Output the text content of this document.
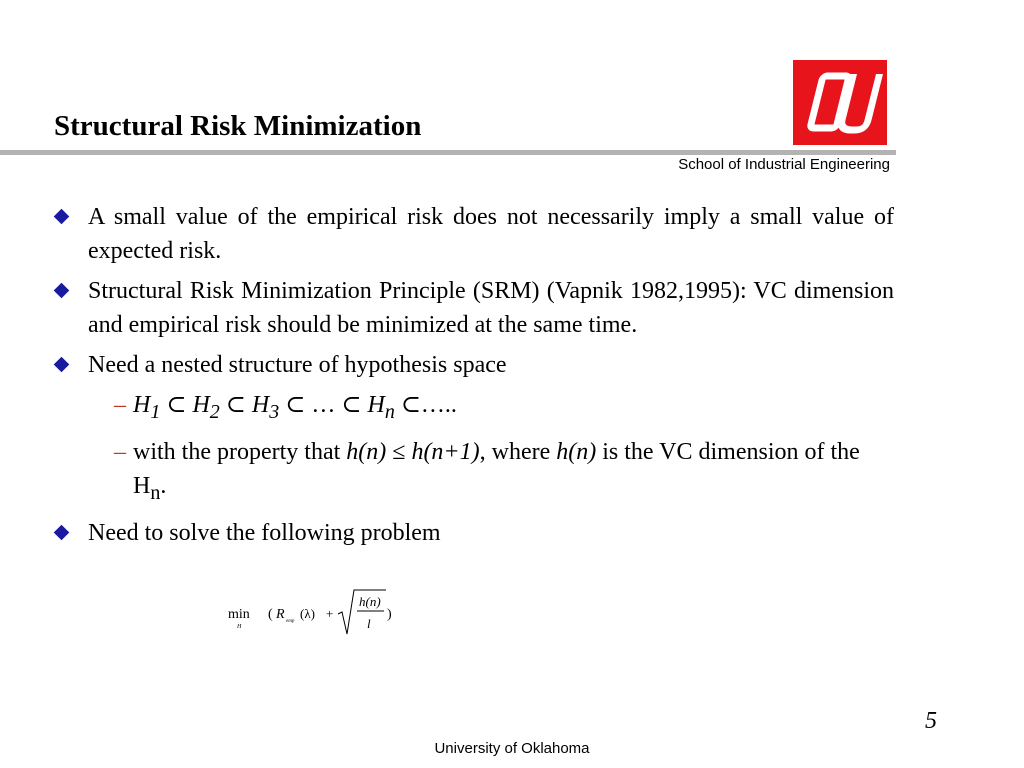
Structural Risk Minimization
School of Industrial Engineering
A small value of the empirical risk does not necessarily imply a small value of expected risk.
Structural Risk Minimization Principle (SRM) (Vapnik 1982,1995): VC dimension and empirical risk should be minimized at the same time.
Need a nested structure of hypothesis space
– $H_1$ ⊂ $H_2$ ⊂ $H_3$ ⊂ … ⊂ $H_n$ ⊂…..
– with the property that h(n) ≤ h(n+1), where h(n) is the VC dimension of the $H_n$.
Need to solve the following problem
min
H
( R emp
(λ) +
h(n)
l
)
5
University of Oklahoma
